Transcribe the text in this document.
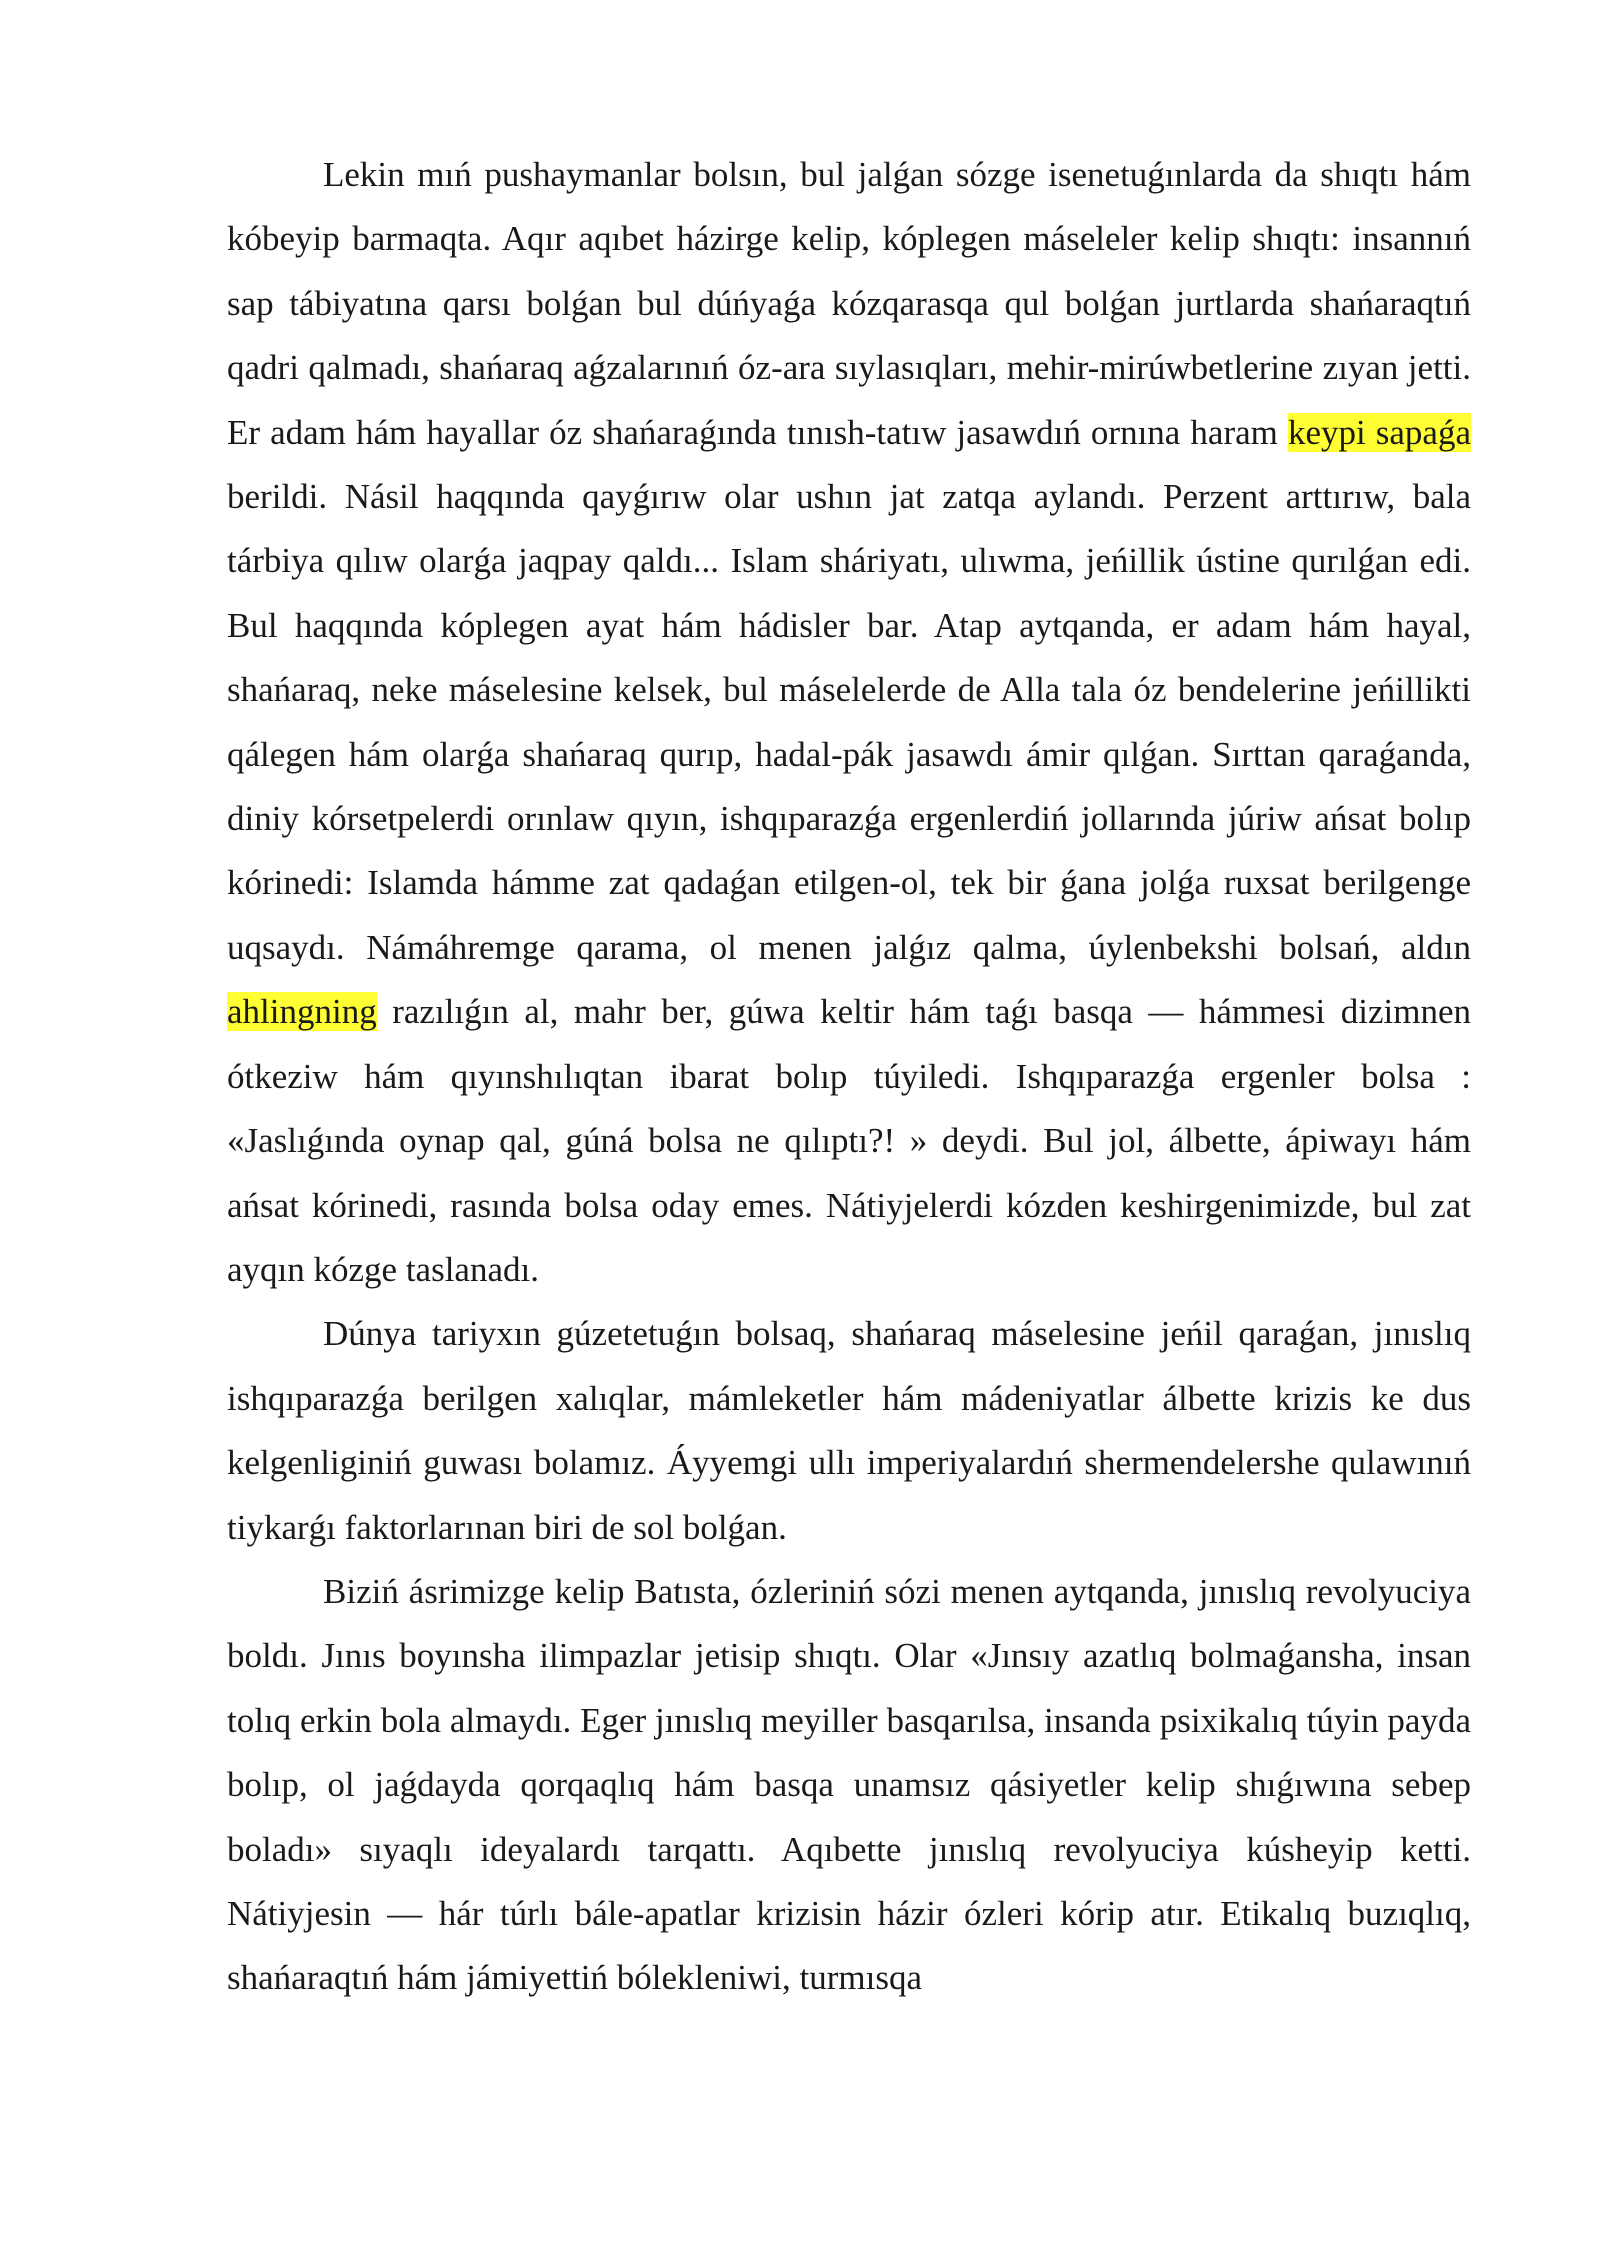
Lekin mıń pushaymanlar bolsın, bul jalǵan sózge isenetuǵınlarda da shıqtı hám kóbeyip barmaqta. Aqır aqıbet házirge kelip, kóplegen máseleler kelip shıqtı: insannıń sap tábiyatına qarsı bolǵan bul dúńyaǵa kózqarasqa qul bolǵan jurtlarda shańaraqtıń qadri qalmadı, shańaraq aǵzalarınıń óz-ara sıylasıqları, mehir-mirúwbetlerine zıyan jetti. Er adam hám hayallar óz shańaraǵında tınısh-tatıw jasawdıń ornına haram keypi sapaǵa berildi. Násil haqqında qayǵırıw olar ushın jat zatqa aylandı. Perzent arttırıw, bala tárbiya qılıw olarǵa jaqpay qaldı... Islam sháriyatı, ulıwma, jeńillik ústine qurılǵan edi. Bul haqqında kóplegen ayat hám hádisler bar. Atap aytqanda, er adam hám hayal, shańaraq, neke máselesine kelsek, bul máselelerde de Alla tala óz bendelerine jeńillikti qálegen hám olarǵa shańaraq qurıp, hadal-pák jasawdı ámir qılǵan. Sırttan qaraǵanda, diniy kórsetpelerdi orınlaw qıyın, ishqıparazǵa ergenlerdiń jollarında júriw ańsat bolıp kórinedi: Islamda hámme zat qadaǵan etilgen-ol, tek bir ǵana jolǵa ruxsat berilgenge uqsaydı. Námáhremge qarama, ol menen jalǵız qalma, úylenbekshi bolsań, aldın ahlingning razılıǵın al, mahr ber, gúwa keltir hám taǵı basqa — hámmesi dizimnen ótkeziw hám qıyınshılıqtan ibarat bolıp túyiledi. Ishqıparazǵa ergenler bolsa : «Jaslıǵında oynap qal, gúná bolsa ne qılıptı?! » deydi. Bul jol, álbette, ápiwayı hám ańsat kórinedi, rasında bolsa oday emes. Nátiyjelerdi kózden keshirgenimizde, bul zat ayqın kózge taslanadı.

Dúnya tariyxın gúzetetuǵın bolsaq, shańaraq máselesine jeńil qaraǵan, jınıslıq ishqıparazǵa berilgen xalıqlar, mámleketler hám mádeniyatlar álbette krizis ke dus kelgenliginiń guwası bolamız. Áyyemgi ullı imperiyalardıń shermendelershe qulawınıń tiykarǵı faktorlarınan biri de sol bolǵan.

Biziń ásrimizge kelip Batısta, ózleriniń sózi menen aytqanda, jınıslıq revolyuciya boldı. Jınıs boyınsha ilimpazlar jetisip shıqtı. Olar «Jınsıy azatlıq bolmaǵansha, insan tolıq erkin bola almaydı. Eger jınıslıq meyiller basqarılsa, insanda psixikalıq túyin payda bolıp, ol jaǵdayda qorqaqlıq hám basqa unamsız qásiyetler kelip shıǵıwına sebep boladı» sıyaqlı ideyalardı tarqattı. Aqıbette jınıslıq revolyuciya kúsheyip ketti. Nátiyjesin — hár túrlı bále-apatlar krizisin házir ózleri kórip atır. Etikalıq buzıqlıq, shańaraqtıń hám jámiyettiń bólekleniwi, turmısqa
